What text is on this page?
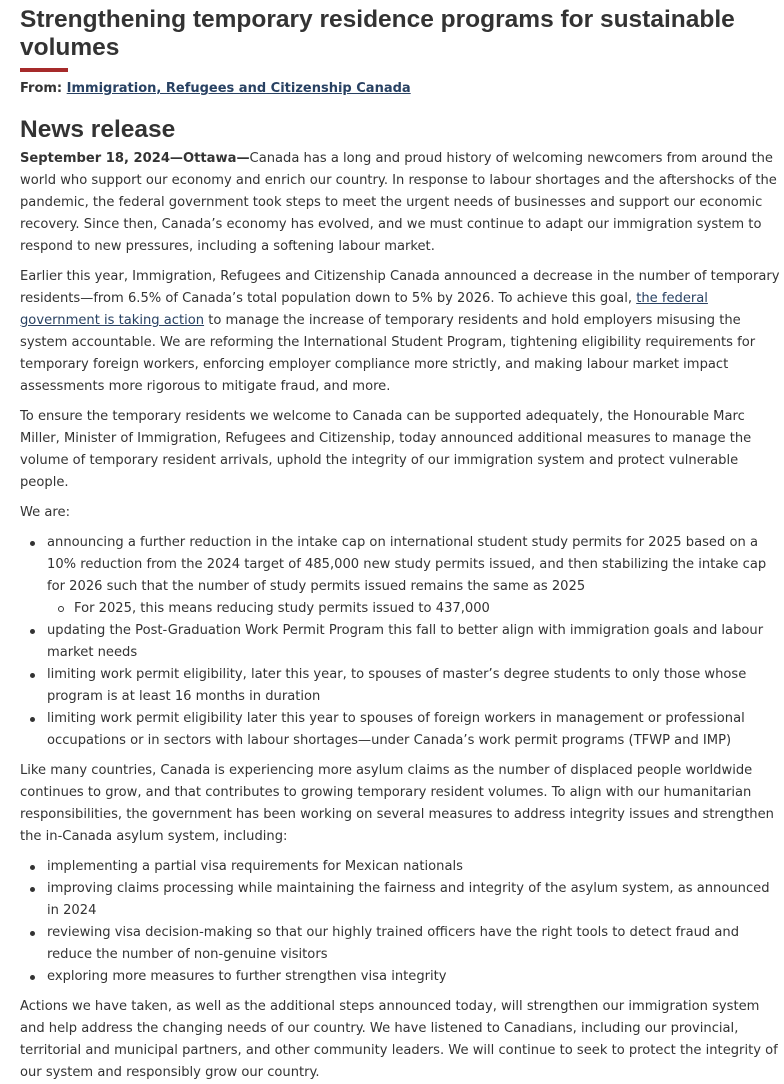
Strengthening temporary residence programs for sustainable volumes
From: Immigration, Refugees and Citizenship Canada
News release

September 18, 2024—Ottawa—Canada has a long and proud history of welcoming newcomers from around the world who support our economy and enrich our country. In response to labour shortages and the aftershocks of the pandemic, the federal government took steps to meet the urgent needs of businesses and support our economic recovery. Since then, Canada’s economy has evolved, and we must continue to adapt our immigration system to respond to new pressures, including a softening labour market.

Earlier this year, Immigration, Refugees and Citizenship Canada announced a decrease in the number of temporary residents—from 6.5% of Canada’s total population down to 5% by 2026. To achieve this goal, the federal government is taking action to manage the increase of temporary residents and hold employers misusing the system accountable. We are reforming the International Student Program, tightening eligibility requirements for temporary foreign workers, enforcing employer compliance more strictly, and making labour market impact assessments more rigorous to mitigate fraud, and more.

To ensure the temporary residents we welcome to Canada can be supported adequately, the Honourable Marc Miller, Minister of Immigration, Refugees and Citizenship, today announced additional measures to manage the volume of temporary resident arrivals, uphold the integrity of our immigration system and protect vulnerable people.

We are:

announcing a further reduction in the intake cap on international student study permits for 2025 based on a 10% reduction from the 2024 target of 485,000 new study permits issued, and then stabilizing the intake cap for 2026 such that the number of study permits issued remains the same as 2025
For 2025, this means reducing study permits issued to 437,000
updating the Post-Graduation Work Permit Program this fall to better align with immigration goals and labour market needs
limiting work permit eligibility, later this year, to spouses of master’s degree students to only those whose program is at least 16 months in duration
limiting work permit eligibility later this year to spouses of foreign workers in management or professional occupations or in sectors with labour shortages—under Canada’s work permit programs (TFWP and IMP)

Like many countries, Canada is experiencing more asylum claims as the number of displaced people worldwide continues to grow, and that contributes to growing temporary resident volumes. To align with our humanitarian responsibilities, the government has been working on several measures to address integrity issues and strengthen the in-Canada asylum system, including:

implementing a partial visa requirements for Mexican nationals
improving claims processing while maintaining the fairness and integrity of the asylum system, as announced in 2024
reviewing visa decision-making so that our highly trained officers have the right tools to detect fraud and reduce the number of non-genuine visitors
exploring more measures to further strengthen visa integrity

Actions we have taken, as well as the additional steps announced today, will strengthen our immigration system and help address the changing needs of our country. We have listened to Canadians, including our provincial, territorial and municipal partners, and other community leaders. We will continue to seek to protect the integrity of our system and responsibly grow our country.
